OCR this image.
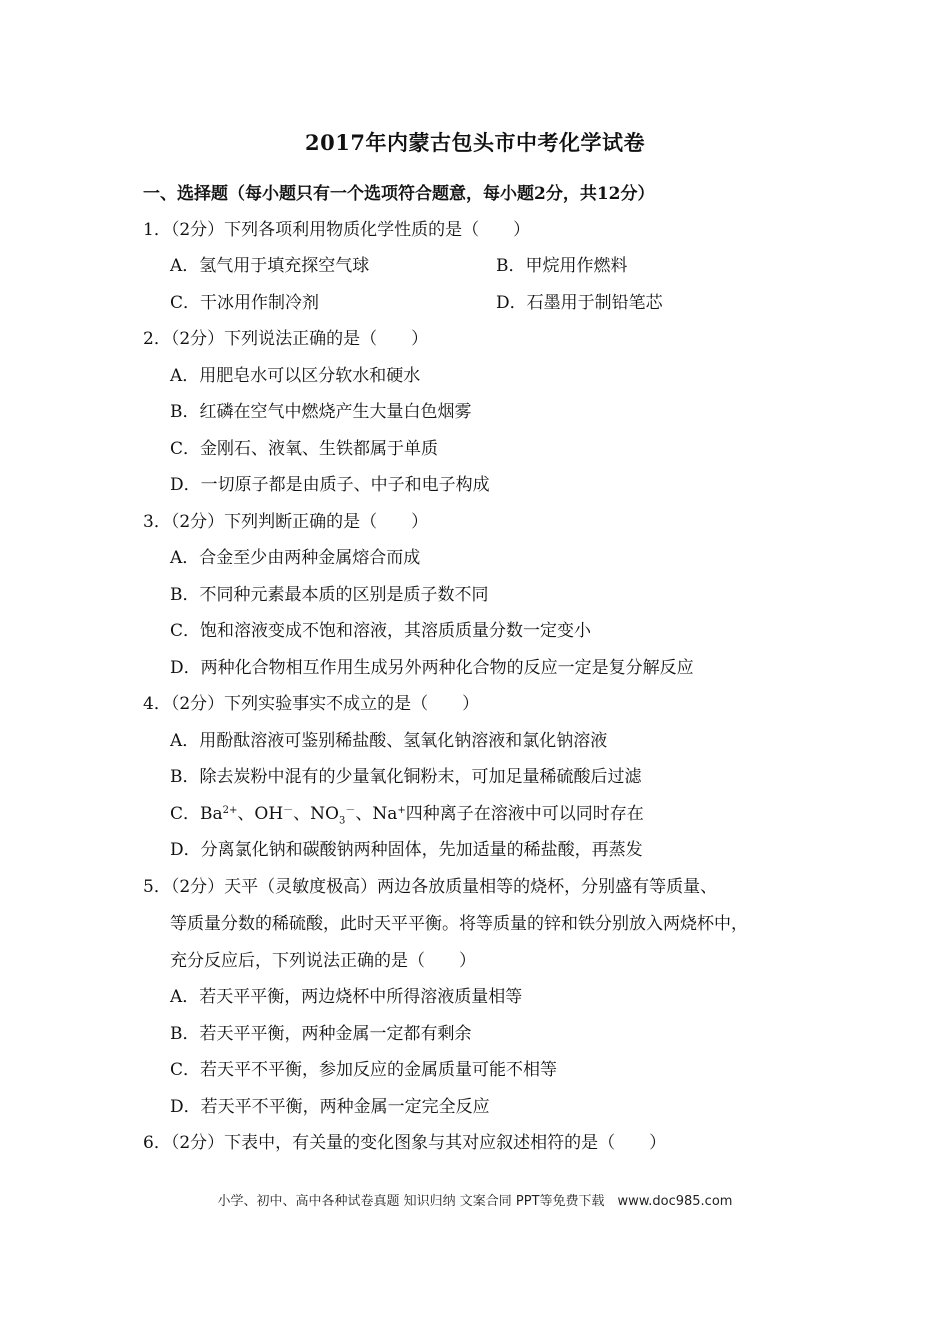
2017年内蒙古包头市中考化学试卷
一、选择题（每小题只有一个选项符合题意，每小题2分，共12分）
1．（2分）下列各项利用物质化学性质的是（　　）
A．氢气用于填充探空气球	B．甲烷用作燃料
C．干冰用作制冷剂	D．石墨用于制铅笔芯
2．（2分）下列说法正确的是（　　）
A．用肥皂水可以区分软水和硬水
B．红磷在空气中燃烧产生大量白色烟雾
C．金刚石、液氧、生铁都属于单质
D．一切原子都是由质子、中子和电子构成
3．（2分）下列判断正确的是（　　）
A．合金至少由两种金属熔合而成
B．不同种元素最本质的区别是质子数不同
C．饱和溶液变成不饱和溶液，其溶质质量分数一定变小
D．两种化合物相互作用生成另外两种化合物的反应一定是复分解反应
4．（2分）下列实验事实不成立的是（　　）
A．用酚酞溶液可鉴别稀盐酸、氢氧化钠溶液和氯化钠溶液
B．除去炭粉中混有的少量氧化铜粉末，可加足量稀硫酸后过滤
C．$Ba^{2+}$、OH－、$NO_3^-$、Na+四种离子在溶液中可以同时存在
D．分离氯化钠和碳酸钠两种固体，先加适量的稀盐酸，再蒸发
5．（2分）天平（灵敏度极高）两边各放质量相等的烧杯，分别盛有等质量、
等质量分数的稀硫酸，此时天平平衡。将等质量的锌和铁分别放入两烧杯中，
充分反应后，下列说法正确的是（　　）
A．若天平平衡，两边烧杯中所得溶液质量相等
B．若天平平衡，两种金属一定都有剩余
C．若天平不平衡，参加反应的金属质量可能不相等
D．若天平不平衡，两种金属一定完全反应
6．（2分）下表中，有关量的变化图象与其对应叙述相符的是（　　）
小学、初中、高中各种试卷真题 知识归纳 文案合同 PPT等免费下载　www.doc985.com
